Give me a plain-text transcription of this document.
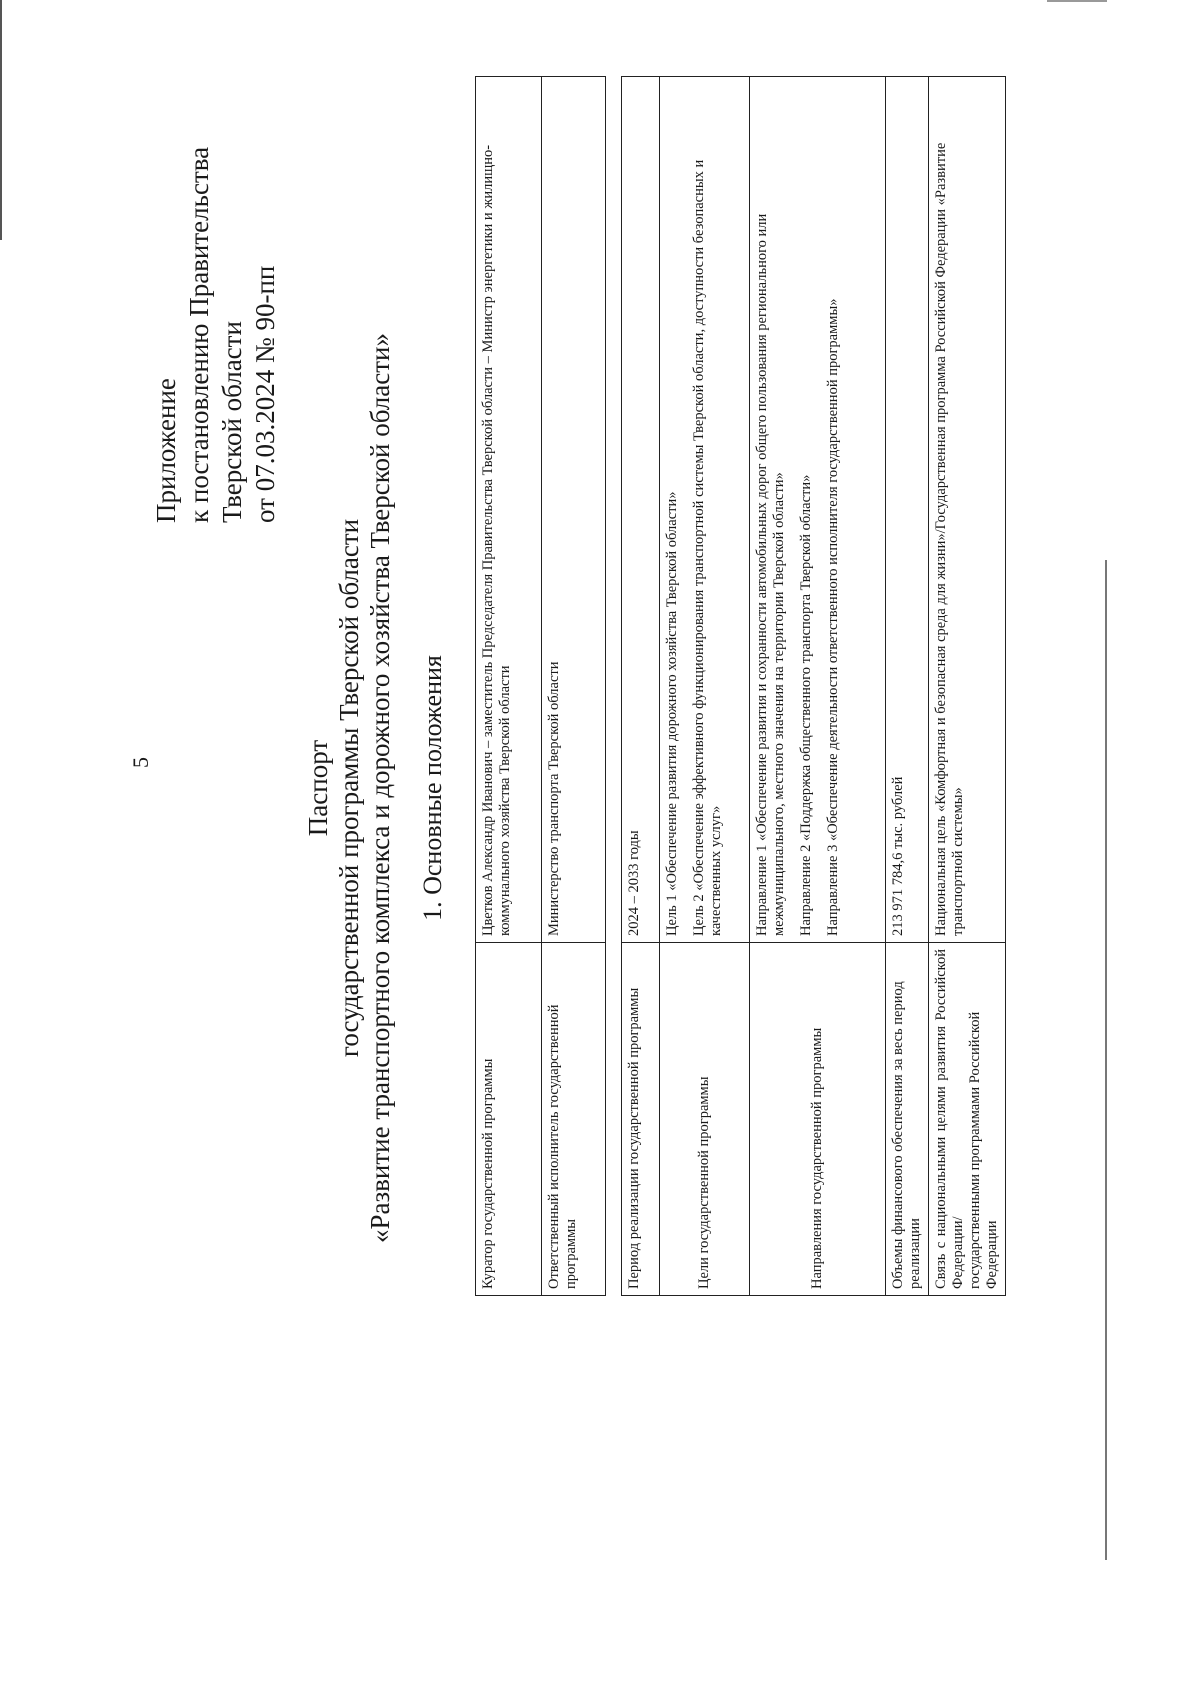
5
Приложение к постановлению Правительства Тверской области от 07.03.2024 № 90-пп
Паспорт государственной программы Тверской области «Развитие транспортного комплекса и дорожного хозяйства Тверской области» 1. Основные положения
Куратор государственной программы	Цветков Александр Иванович – заместитель Председателя Правительства Тверской области – Министр энергетики и жилищно-коммунального хозяйства Тверской области
Ответственный исполнитель государственной программы	Министерство транспорта Тверской области
Период реализации государственной программы	2024 – 2033 годы
Цели государственной программы	Цель 1 «Обеспечение развития дорожного хозяйства Тверской области» Цель 2 «Обеспечение эффективного функционирования транспортной системы Тверской области, доступности безопасных и качественных услуг»

Направления государственной программы	Направление 1 «Обеспечение развития и сохранности автомобильных дорог общего пользования регионального или межмуниципального, местного значения на территории Тверской области» Направление 2 «Поддержка общественного транспорта Тверской области» Направление 3 «Обеспечение деятельности ответственного исполнителя государственной программы»

Объемы финансового обеспечения за весь период реализации	213 971 784,6 тыс. рублей

Связь с национальными целями развития Российской Федерации/ государственными программами Российской Федерации	Национальная цель «Комфортная и безопасная среда для жизни»/Государственная программа Российской Федерации «Развитие транспортной системы»
